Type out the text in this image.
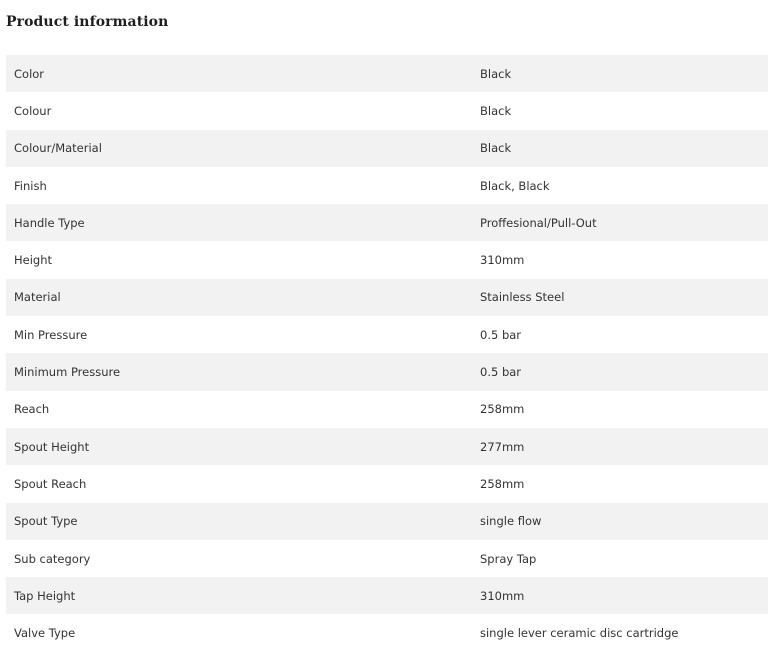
Product information
Color	Black
Colour	Black
Colour/Material	Black
Finish	Black, Black
Handle Type	Proffesional/Pull-Out
Height	310mm
Material	Stainless Steel
Min Pressure	0.5 bar
Minimum Pressure	0.5 bar
Reach	258mm
Spout Height	277mm
Spout Reach	258mm
Spout Type	single flow
Sub category	Spray Tap
Tap Height	310mm
Valve Type	single lever ceramic disc cartridge
